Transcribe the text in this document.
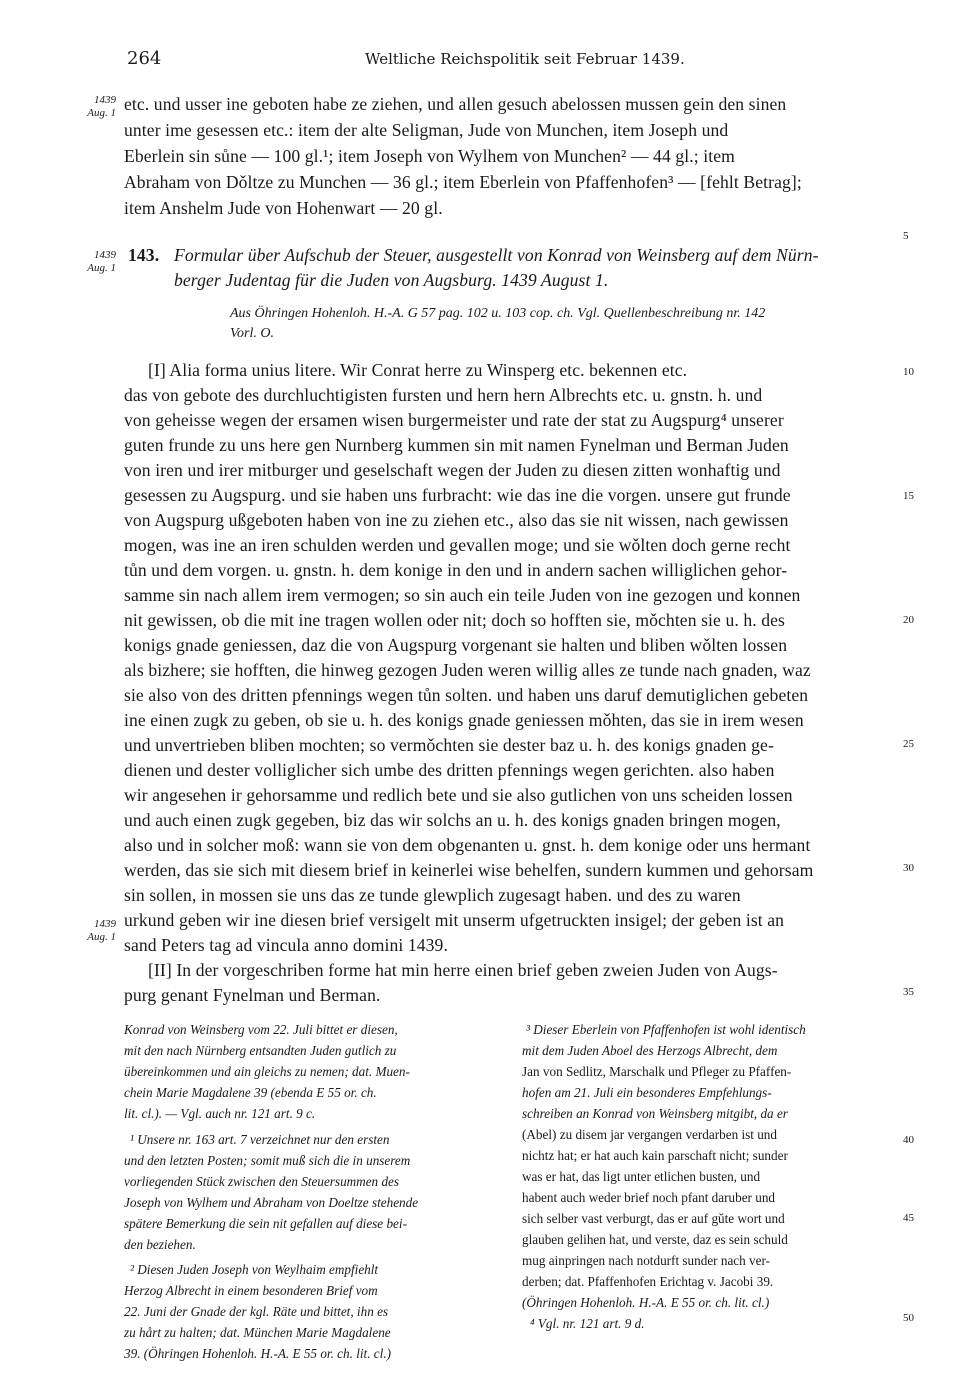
264	Weltliche Reichspolitik seit Februar 1439.
1439
Aug. 1
1439
Aug. 1
1439
Aug. 1
5
10
15
20
25
30
35
40
45
50
etc. und usser ine geboten habe ze ziehen, und allen gesuch abelossen mussen gein den sinen
unter ime gesessen etc.: item der alte Seligman, Jude von Munchen, item Joseph und
Eberlein sin sůne — 100 gl.¹; item Joseph von Wylhem von Munchen² — 44 gl.; item
Abraham von Dǒltze zu Munchen — 36 gl.; item Eberlein von Pfaffenhofen³ — [fehlt Betrag];
item Anshelm Jude von Hohenwart — 20 gl.
143. Formular über Aufschub der Steuer, ausgestellt von Konrad von Weinsberg auf dem Nürn-
berger Judentag für die Juden von Augsburg. 1439 August 1.
Aus Öhringen Hohenloh. H.-A. G 57 pag. 102 u. 103 cop. ch. Vgl. Quellenbeschreibung nr. 142
Vorl. O.
[I] Alia forma unius litere. Wir Conrat herre zu Winsperg etc. bekennen etc.
das von gebote des durchluchtigisten fursten und hern hern Albrechts etc. u. gnstn. h. und
von geheisse wegen der ersamen wisen burgermeister und rate der stat zu Augspurg⁴ unserer
guten frunde zu uns here gen Nurnberg kummen sin mit namen Fynelman und Berman Juden
von iren und irer mitburger und geselschaft wegen der Juden zu diesen zitten wonhaftig und
gesessen zu Augspurg. und sie haben uns furbracht: wie das ine die vorgen. unsere gut frunde
von Augspurg ußgeboten haben von ine zu ziehen etc., also das sie nit wissen, nach gewissen
mogen, was ine an iren schulden werden und gevallen moge; und sie wǒlten doch gerne recht
tůn und dem vorgen. u. gnstn. h. dem konige in den und in andern sachen williglichen gehor-
samme sin nach allem irem vermogen; so sin auch ein teile Juden von ine gezogen und konnen
nit gewissen, ob die mit ine tragen wollen oder nit; doch so hofften sie, mǒchten sie u. h. des
konigs gnade geniessen, daz die von Augspurg vorgenant sie halten und bliben wǒlten lossen
als bizhere; sie hofften, die hinweg gezogen Juden weren willig alles ze tunde nach gnaden, waz
sie also von des dritten pfennings wegen tůn solten. und haben uns daruf demutiglichen gebeten
ine einen zugk zu geben, ob sie u. h. des konigs gnade geniessen mǒhten, das sie in irem wesen
und unvertrieben bliben mochten; so vermǒchten sie dester baz u. h. des konigs gnaden ge-
dienen und dester volliglicher sich umbe des dritten pfennings wegen gerichten. also haben
wir angesehen ir gehorsamme und redlich bete und sie also gutlichen von uns scheiden lossen
und auch einen zugk gegeben, biz das wir solchs an u. h. des konigs gnaden bringen mogen,
also und in solcher moß: wann sie von dem obgenanten u. gnst. h. dem konige oder uns hermant
werden, das sie sich mit diesem brief in keinerlei wise behelfen, sundern kummen und gehorsam
sin sollen, in mossen sie uns das ze tunde glewplich zugesagt haben. und des zu waren
urkund geben wir ine diesen brief versigelt mit unserm ufgetruckten insigel; der geben ist an
sand Peters tag ad vincula anno domini 1439.
[II] In der vorgeschriben forme hat min herre einen brief geben zweien Juden von Augs-
purg genant Fynelman und Berman.
Konrad von Weinsberg vom 22. Juli bittet er diesen,
mit den nach Nürnberg entsandten Juden gutlich zu
übereinkommen und ain gleichs zu nemen; dat. Muen-
chein Marie Magdalene 39 (ebenda E 55 or. ch.
lit. cl.). — Vgl. auch nr. 121 art. 9 c.
¹ Unsere nr. 163 art. 7 verzeichnet nur den ersten
und den letzten Posten; somit muß sich die in unserem
vorliegenden Stück zwischen den Steuersummen des
Joseph von Wylhem und Abraham von Doeltze stehende
spätere Bemerkung die sein nit gefallen auf diese bei-
den beziehen.
² Diesen Juden Joseph von Weylhaim empfiehlt
Herzog Albrecht in einem besonderen Brief vom
22. Juni der Gnade der kgl. Räte und bittet, ihn es
zu hårt zu halten; dat. München Marie Magdalene
39. (Öhringen Hohenloh. H.-A. E 55 or. ch. lit. cl.)
³ Dieser Eberlein von Pfaffenhofen ist wohl identisch
mit dem Juden Aboel des Herzogs Albrecht, dem
Jan von Sedlitz, Marschalk und Pfleger zu Pfaffen-
hofen am 21. Juli ein besonderes Empfehlungs-
schreiben an Konrad von Weinsberg mitgibt, da er
(Abel) zu disem jar vergangen verdarben ist und
nichtz hat; er hat auch kain parschaft nicht; sunder
was er hat, das ligt unter etlichen busten, und
habent auch weder brief noch pfant daruber und
sich selber vast verburgt, das er auf gǔte wort und
glauben gelihen hat, und verste, daz es sein schuld
mug ainpringen nach notdurft sunder nach ver-
derben; dat. Pfaffenhofen Erichtag v. Jacobi 39.
(Öhringen Hohenloh. H.-A. E 55 or. ch. lit. cl.)
⁴ Vgl. nr. 121 art. 9 d.
